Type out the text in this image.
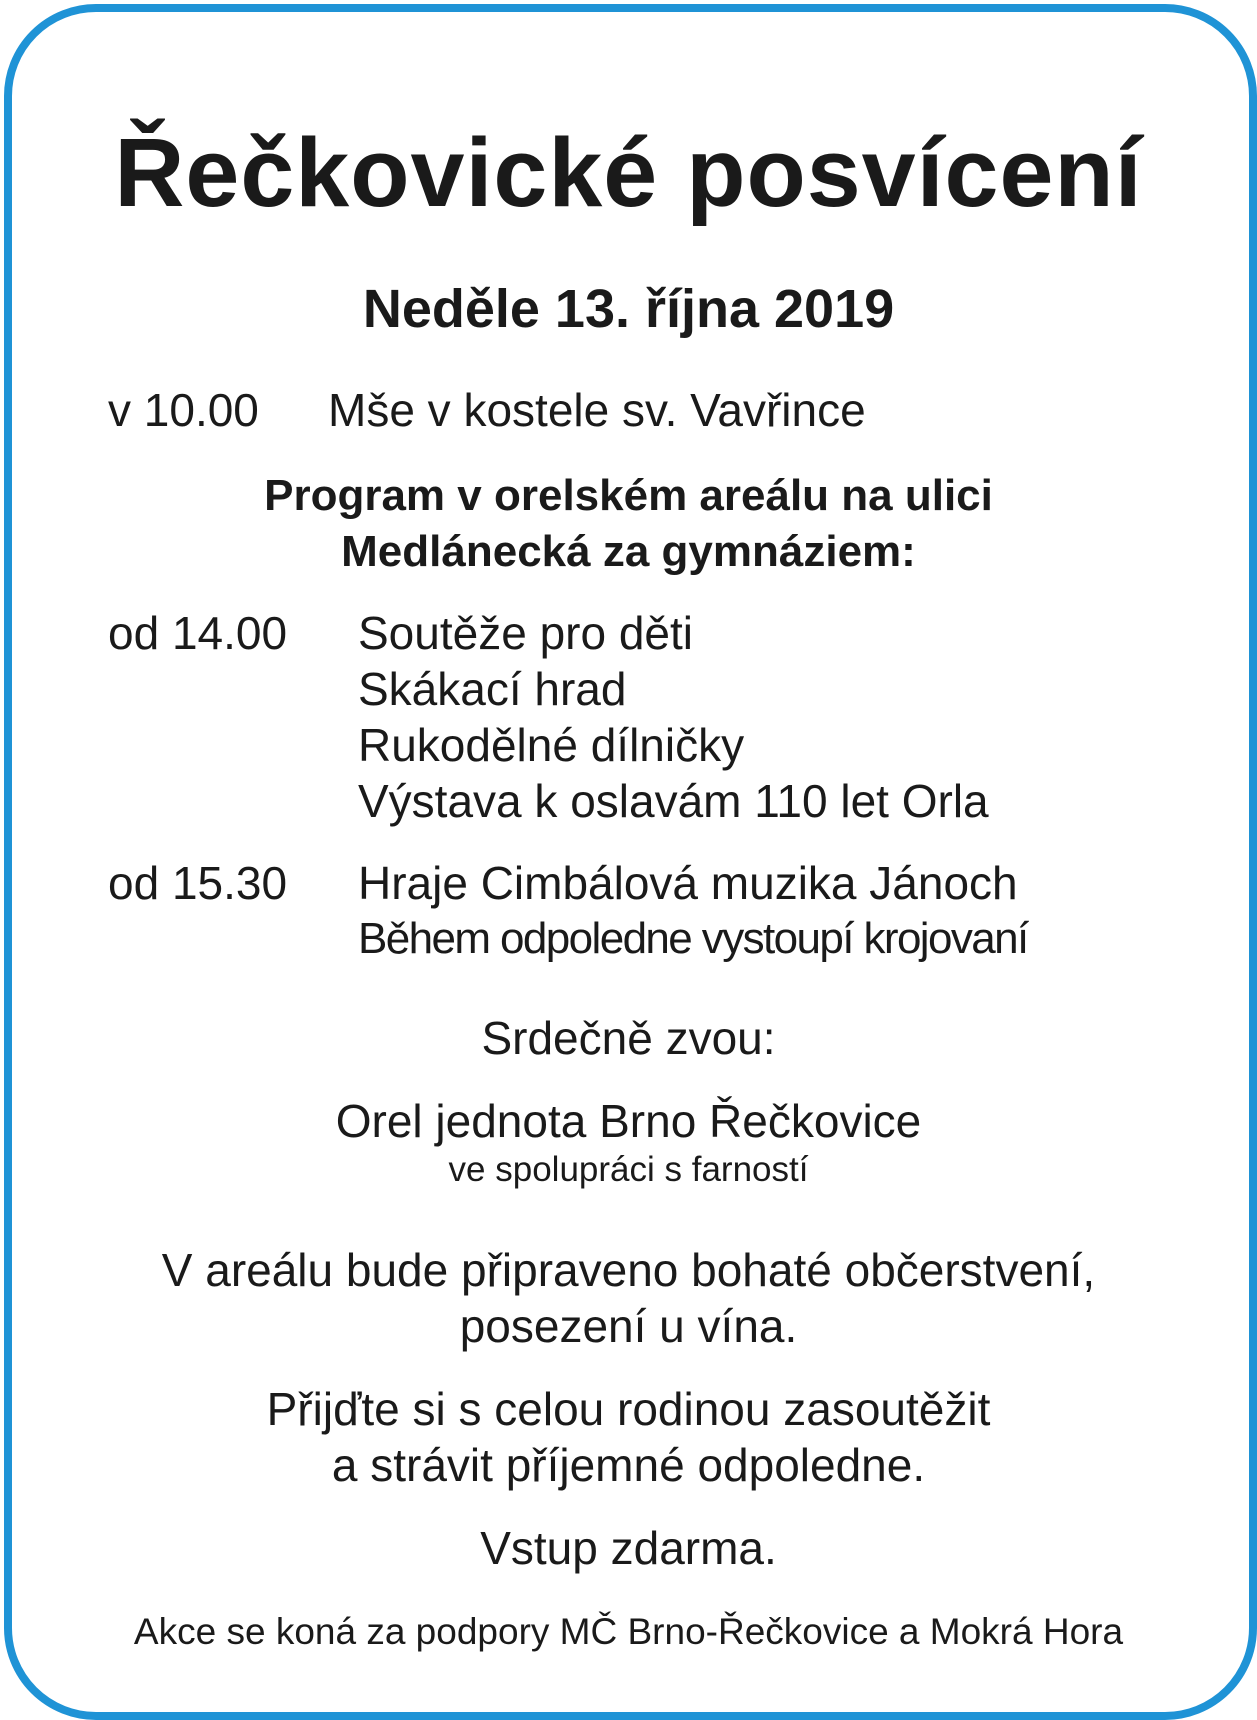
Řečkovické posvícení
Neděle 13. října 2019
v 10.00 Mše v kostele sv. Vavřince
Program v orelském areálu na ulici
Medlánecká za gymnáziem:
od 14.00 Soutěže pro děti
Skákací hrad
Rukodělné dílničky
Výstava k oslavám 110 let Orla
od 15.30 Hraje Cimbálová muzika Jánoch
Během odpoledne vystoupí krojovaní
Srdečně zvou:
Orel jednota Brno Řečkovice
ve spolupráci s farností
V areálu bude připraveno bohaté občerstvení,
posezení u vína.
Přijďte si s celou rodinou zasoutěžit
a strávit příjemné odpoledne.
Vstup zdarma.
Akce se koná za podpory MČ Brno-Řečkovice a Mokrá Hora
